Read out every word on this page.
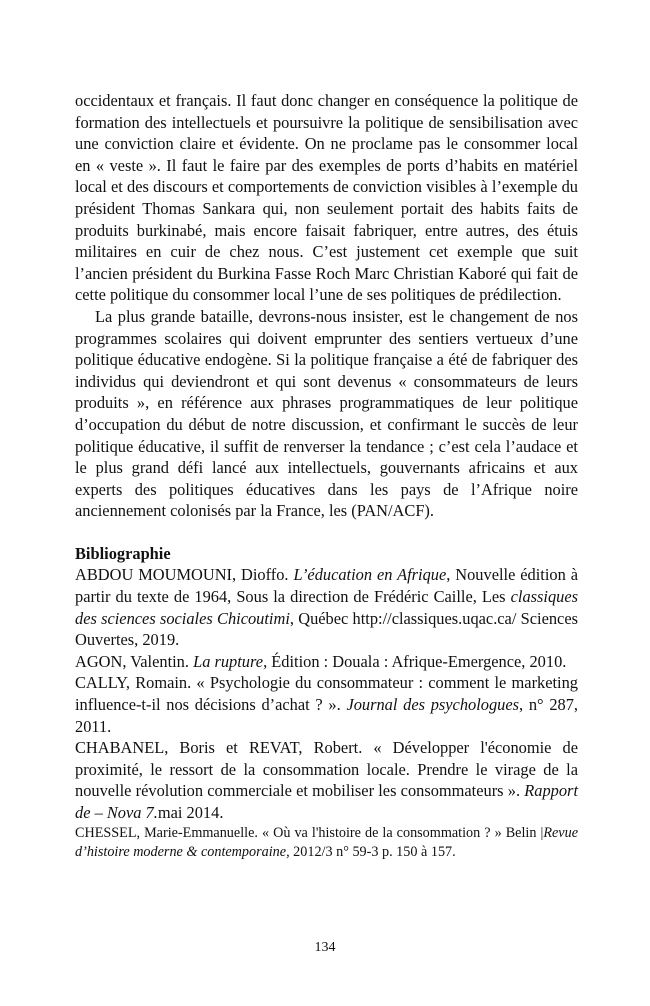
occidentaux et français. Il faut donc changer en conséquence la politique de formation des intellectuels et poursuivre la politique de sensibilisation avec une conviction claire et évidente. On ne proclame pas le consommer local en « veste ». Il faut le faire par des exemples de ports d’habits en matériel local et des discours et comportements de conviction visibles à l’exemple du président Thomas Sankara qui, non seulement portait des habits faits de produits burkinabé, mais encore faisait fabriquer, entre autres, des étuis militaires en cuir de chez nous. C’est justement cet exemple que suit l’ancien président du Burkina Fasse Roch Marc Christian Kaboré qui fait de cette politique du consommer local l’une de ses politiques de prédilection.

La plus grande bataille, devrons-nous insister, est le changement de nos programmes scolaires qui doivent emprunter des sentiers vertueux d’une politique éducative endogène. Si la politique française a été de fabriquer des individus qui deviendront et qui sont devenus « consommateurs de leurs produits », en référence aux phrases programmatiques de leur politique d’occupation du début de notre discussion, et confirmant le succès de leur politique éducative, il suffit de renverser la tendance ; c’est cela l’audace et le plus grand défi lancé aux intellectuels, gouvernants africains et aux experts des politiques éducatives dans les pays de l’Afrique noire anciennement colonisés par la France, les (PAN/ACF).

Bibliographie

ABDOU MOUMOUNI, Dioffo. L’éducation en Afrique, Nouvelle édition à partir du texte de 1964, Sous la direction de Frédéric Caille, Les classiques des sciences sociales Chicoutimi, Québec http://classiques.uqac.ca/ Sciences Ouvertes, 2019.

AGON, Valentin. La rupture, Édition : Douala : Afrique-Emergence, 2010.

CALLY, Romain. « Psychologie du consommateur : comment le marketing influence-t-il nos décisions d’achat ? ». Journal des psychologues, n° 287, 2011.

CHABANEL, Boris et REVAT, Robert. « Développer l'économie de proximité, le ressort de la consommation locale. Prendre le virage de la nouvelle révolution commerciale et mobiliser les consommateurs ». Rapport de – Nova 7.mai 2014.

CHESSEL, Marie-Emmanuelle. « Où va l'histoire de la consommation ? » Belin |Revue d’histoire moderne & contemporaine, 2012/3 n° 59-3 p. 150 à 157.

134
